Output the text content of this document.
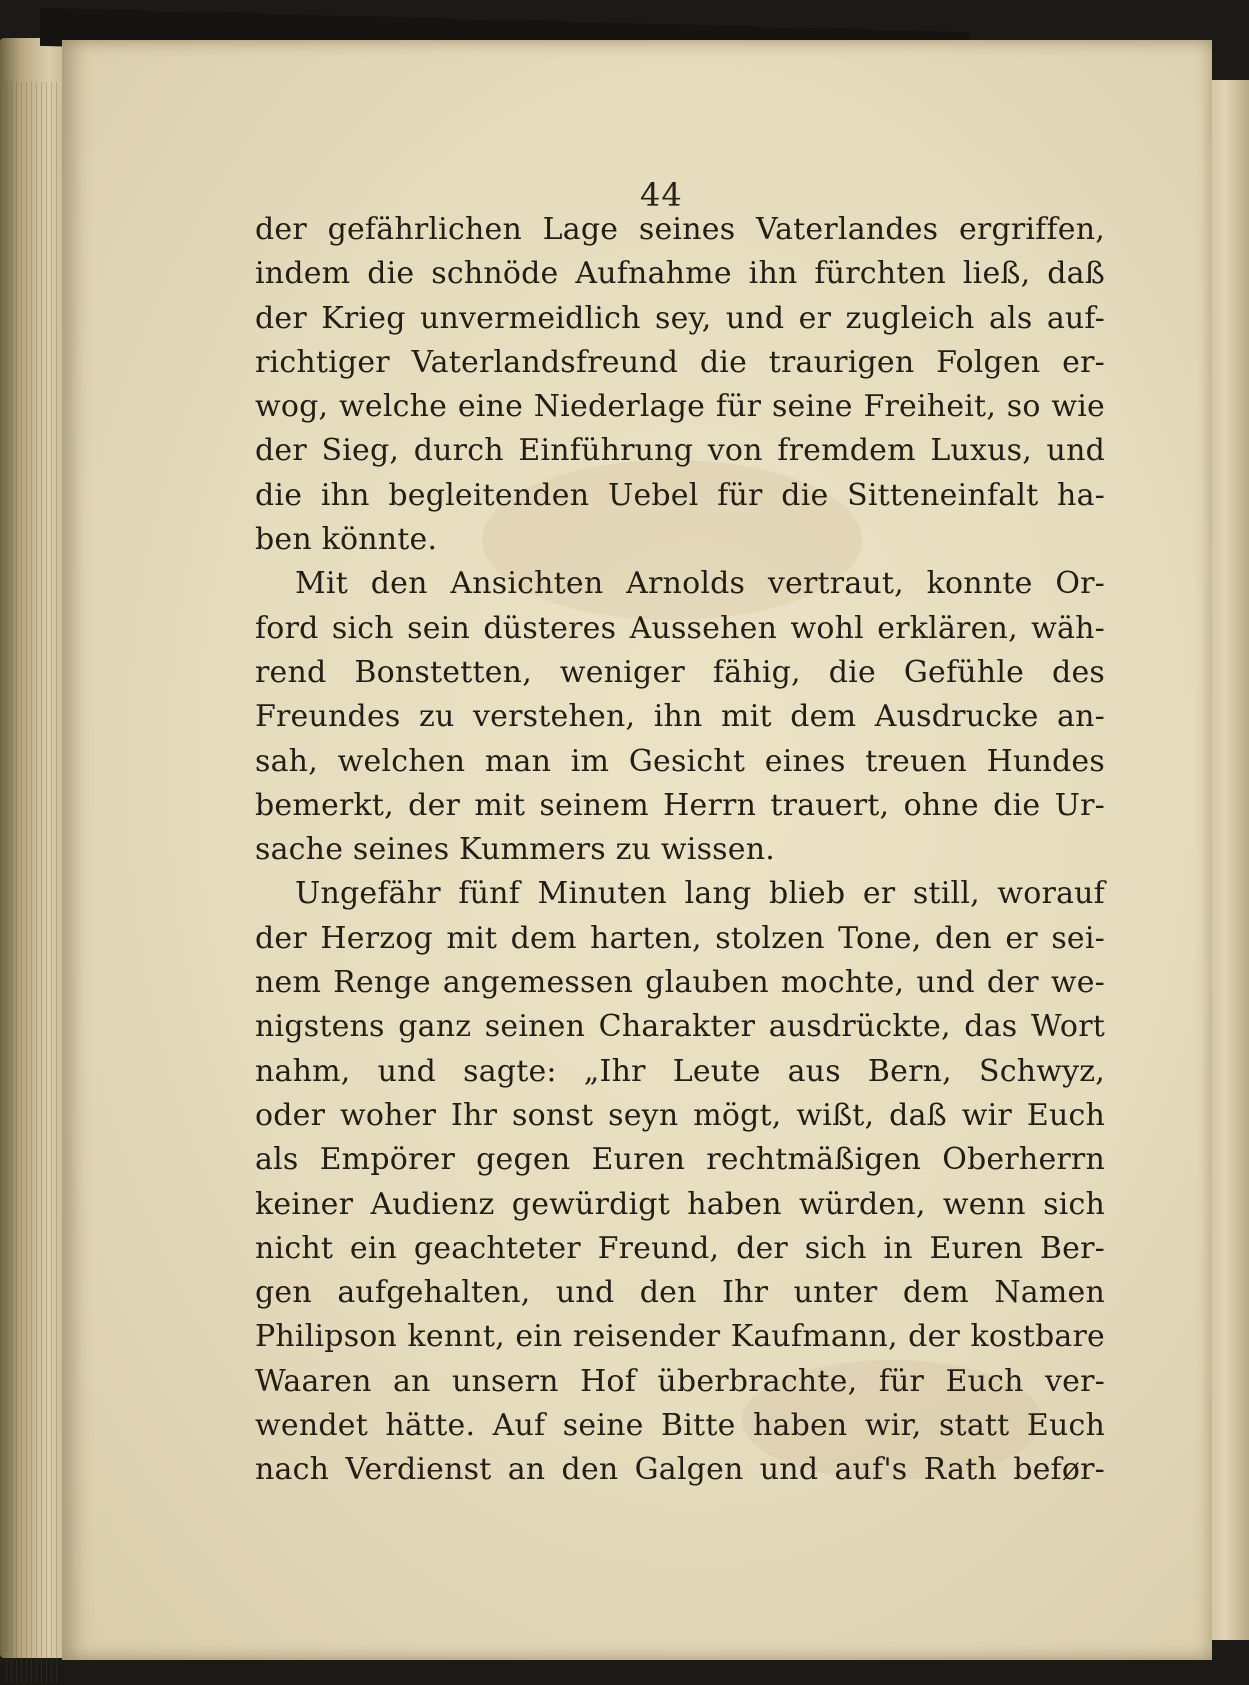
44
der gefährlichen Lage seines Vaterlandes ergriffen,
indem die schnöde Aufnahme ihn fürchten ließ, daß
der Krieg unvermeidlich sey, und er zugleich als auf-
richtiger Vaterlandsfreund die traurigen Folgen er-
wog, welche eine Niederlage für seine Freiheit, so wie
der Sieg, durch Einführung von fremdem Luxus, und
die ihn begleitenden Uebel für die Sitteneinfalt ha-
ben könnte.
Mit den Ansichten Arnolds vertraut, konnte Or-
ford sich sein düsteres Aussehen wohl erklären, wäh-
rend Bonstetten, weniger fähig, die Gefühle des
Freundes zu verstehen, ihn mit dem Ausdrucke an-
sah, welchen man im Gesicht eines treuen Hundes
bemerkt, der mit seinem Herrn trauert, ohne die Ur-
sache seines Kummers zu wissen.
Ungefähr fünf Minuten lang blieb er still, worauf
der Herzog mit dem harten, stolzen Tone, den er sei-
nem Renge angemessen glauben mochte, und der we-
nigstens ganz seinen Charakter ausdrückte, das Wort
nahm, und sagte: „Ihr Leute aus Bern, Schwyz,
oder woher Ihr sonst seyn mögt, wißt, daß wir Euch
als Empörer gegen Euren rechtmäßigen Oberherrn
keiner Audienz gewürdigt haben würden, wenn sich
nicht ein geachteter Freund, der sich in Euren Ber-
gen aufgehalten, und den Ihr unter dem Namen
Philipson kennt, ein reisender Kaufmann, der kostbare
Waaren an unsern Hof überbrachte, für Euch ver-
wendet hätte. Auf seine Bitte haben wir, statt Euch
nach Verdienst an den Galgen und auf's Rath befør-
